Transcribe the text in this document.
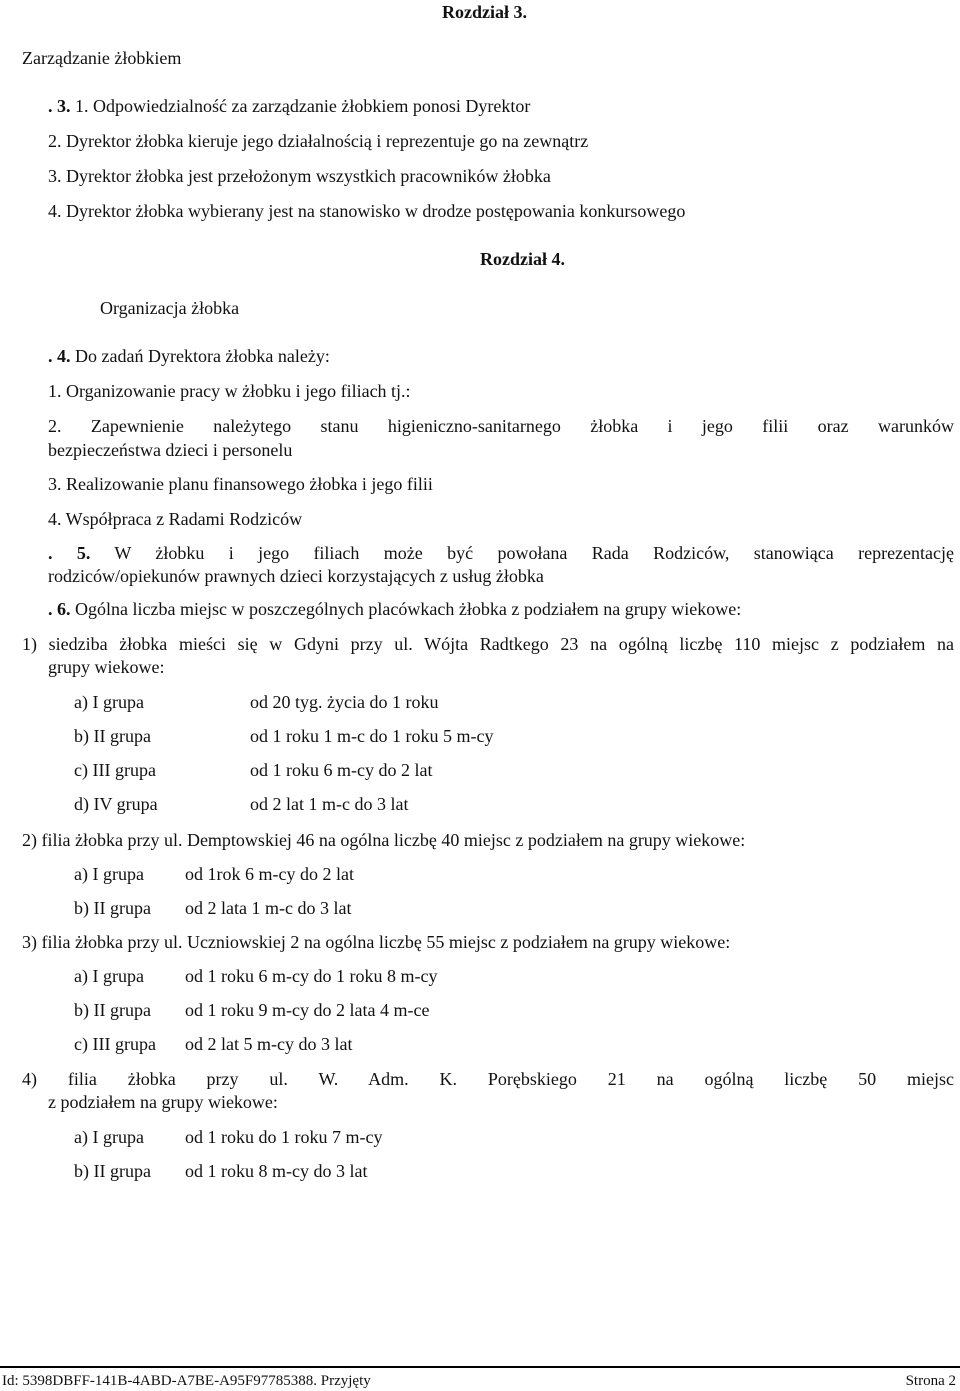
Rozdział 3.
Zarządzanie żłobkiem
. 3. 1. Odpowiedzialność za zarządzanie żłobkiem ponosi Dyrektor
2. Dyrektor żłobka kieruje jego działalnością i reprezentuje go na zewnątrz
3. Dyrektor żłobka jest przełożonym wszystkich pracowników żłobka
4. Dyrektor żłobka wybierany jest na stanowisko w drodze postępowania konkursowego
Rozdział 4.
Organizacja żłobka
. 4. Do zadań Dyrektora żłobka należy:
1. Organizowanie pracy w żłobku i jego filiach tj.:
2. Zapewnienie należytego stanu higieniczno-sanitarnego żłobka i jego filii oraz warunków
bezpieczeństwa dzieci i personelu
3. Realizowanie planu finansowego żłobka i jego filii
4. Współpraca z Radami Rodziców
. 5. W żłobku i jego filiach może być powołana Rada Rodziców, stanowiąca reprezentację
rodziców/opiekunów prawnych dzieci korzystających z usług żłobka
. 6. Ogólna liczba miejsc w poszczególnych placówkach żłobka z podziałem na grupy wiekowe:
1) siedziba żłobka mieści się w Gdyni przy ul. Wójta Radtkego 23 na ogólną liczbę 110 miejsc z podziałem na
grupy wiekowe:
a) I grupa	od 20 tyg. życia do 1 roku
b) II grupa	od 1 roku 1 m-c do 1 roku 5 m-cy
c) III grupa	od 1 roku 6 m-cy do 2 lat
d) IV grupa	od 2 lat 1 m-c do 3 lat
2) filia żłobka przy ul. Demptowskiej 46 na ogólna liczbę 40 miejsc z podziałem na grupy wiekowe:
a) I grupa od 1rok 6 m-cy do 2 lat
b) II grupa od 2 lata 1 m-c do 3 lat
3) filia żłobka przy ul. Uczniowskiej 2 na ogólna liczbę 55 miejsc z podziałem na grupy wiekowe:
a) I grupa od 1 roku 6 m-cy do 1 roku 8 m-cy
b) II grupa od 1 roku 9 m-cy do 2 lata 4 m-ce
c) III grupa od 2 lat 5 m-cy do 3 lat
4) filia żłobka przy ul. W. Adm. K. Porębskiego 21 na ogólną liczbę 50 miejsc
z podziałem na grupy wiekowe:
a) I grupa od 1 roku do 1 roku 7 m-cy
b) II grupa od 1 roku 8 m-cy do 3 lat
Id: 5398DBFF-141B-4ABD-A7BE-A95F97785388. Przyjęty	Strona 2
